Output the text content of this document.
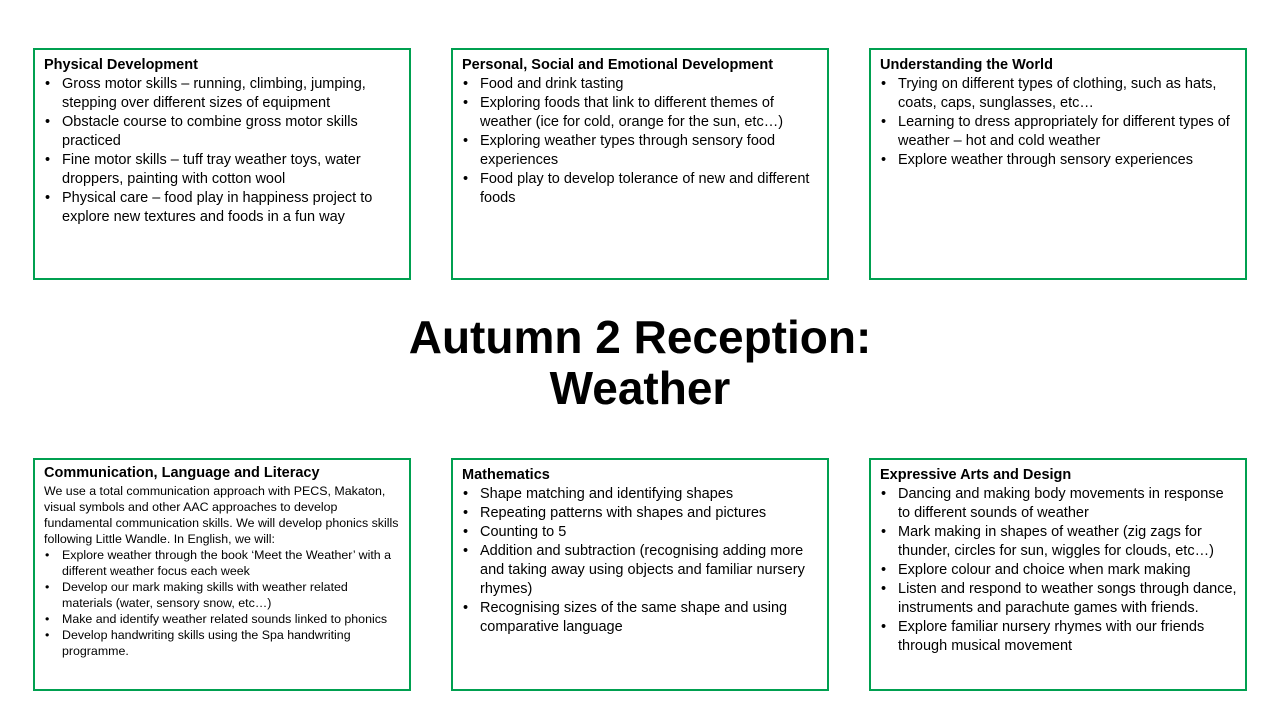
Physical Development
• Gross motor skills – running, climbing, jumping, stepping over different sizes of equipment
• Obstacle course to combine gross motor skills practiced
• Fine motor skills – tuff tray weather toys, water droppers, painting with cotton wool
• Physical care – food play in happiness project to explore new textures and foods in a fun way
Personal, Social and Emotional Development
• Food and drink tasting
• Exploring foods that link to different themes of weather (ice for cold, orange for the sun, etc…)
• Exploring weather types through sensory food experiences
• Food play to develop tolerance of new and different foods
Understanding the World
• Trying on different types of clothing, such as hats, coats, caps, sunglasses, etc…
• Learning to dress appropriately for different types of weather – hot and cold weather
• Explore weather through sensory experiences
Autumn 2 Reception:
Weather
Communication, Language and Literacy

We use a total communication approach with PECS, Makaton, visual symbols and other AAC approaches to develop fundamental communication skills. We will develop phonics skills following Little Wandle. In English, we will:

• Explore weather through the book ‘Meet the Weather’ with a different weather focus each week
• Develop our mark making skills with weather related materials (water, sensory snow, etc…)
• Make and identify weather related sounds linked to phonics
• Develop handwriting skills using the Spa handwriting programme.
Mathematics
• Shape matching and identifying shapes
• Repeating patterns with shapes and pictures
• Counting to 5
• Addition and subtraction (recognising adding more and taking away using objects and familiar nursery rhymes)
• Recognising sizes of the same shape and using comparative language
Expressive Arts and Design
• Dancing and making body movements in response to different sounds of weather
• Mark making in shapes of weather (zig zags for thunder, circles for sun, wiggles for clouds, etc…)
• Explore colour and choice when mark making
• Listen and respond to weather songs through dance, instruments and parachute games with friends.
• Explore familiar nursery rhymes with our friends through musical movement
